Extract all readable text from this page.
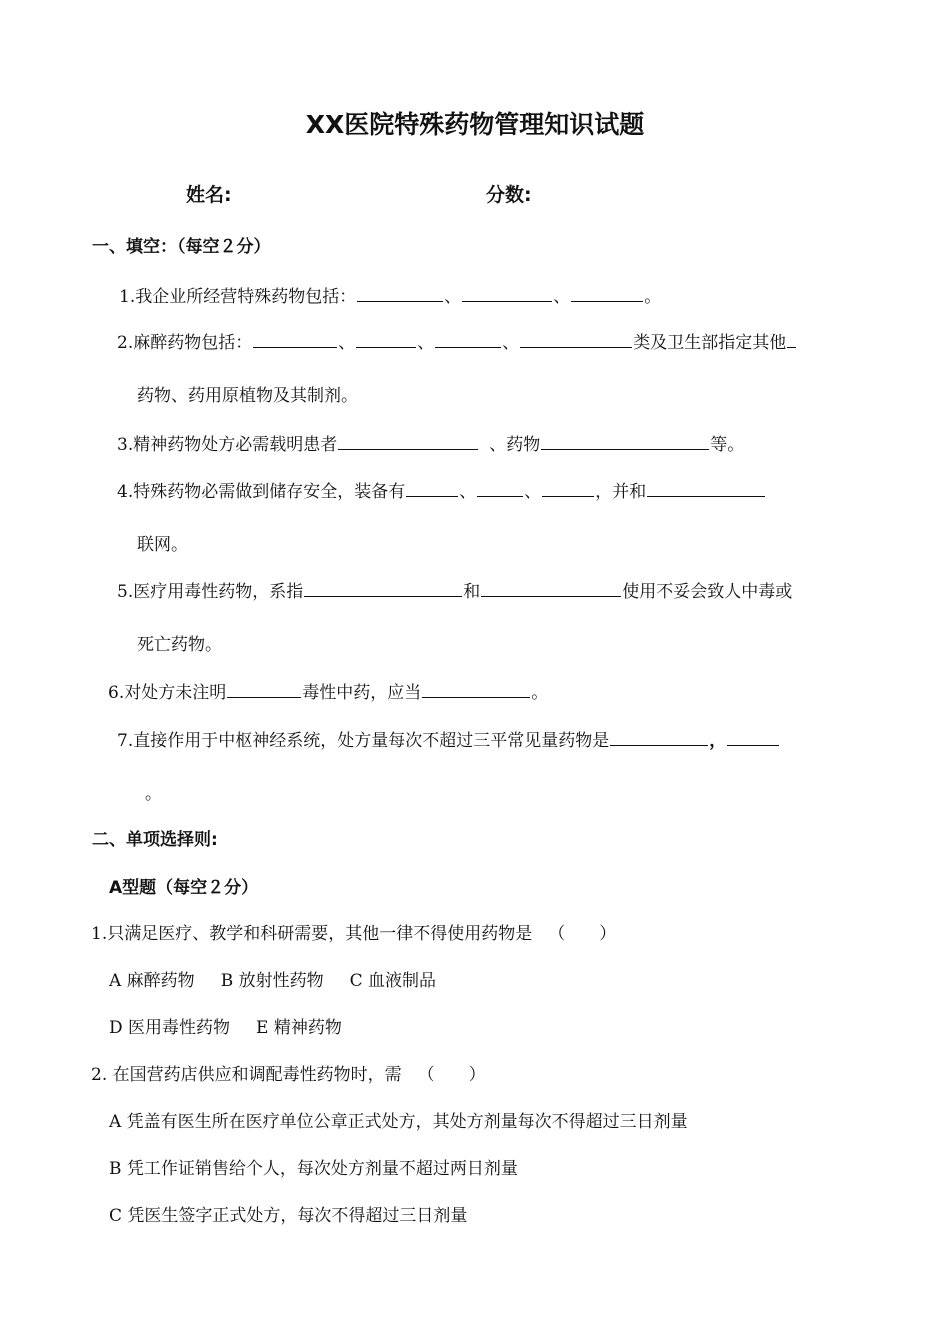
XX医院特殊药物管理知识试题
姓名:	分数:
一、填空：（每空２分）
1.我企业所经营特殊药物包括：	、	、	。
2.麻醉药物包括：	、	、	、	类及卫生部指定其他
药物、药用原植物及其制剂。
3.精神药物处方必需载明患者	、药物	等。
4.特殊药物必需做到储存安全，装备有	、	、	，并和
联网。
5.医疗用毒性药物，系指	和	使用不妥会致人中毒或
死亡药物。
6.对处方未注明	毒性中药，应当	。
7.直接作用于中枢神经系统，处方量每次不超过三平常见量药物是	，
。
二、单项选择则:
A型题（每空２分）
1.只满足医疗、教学和科研需要，其他一律不得使用药物是 （　　）
A 麻醉药物 B 放射性药物 C 血液制品
D 医用毒性药物 E 精神药物
2. 在国营药店供应和调配毒性药物时，需 （　　）
A 凭盖有医生所在医疗单位公章正式处方，其处方剂量每次不得超过三日剂量
B 凭工作证销售给个人，每次处方剂量不超过两日剂量
C 凭医生签字正式处方，每次不得超过三日剂量
